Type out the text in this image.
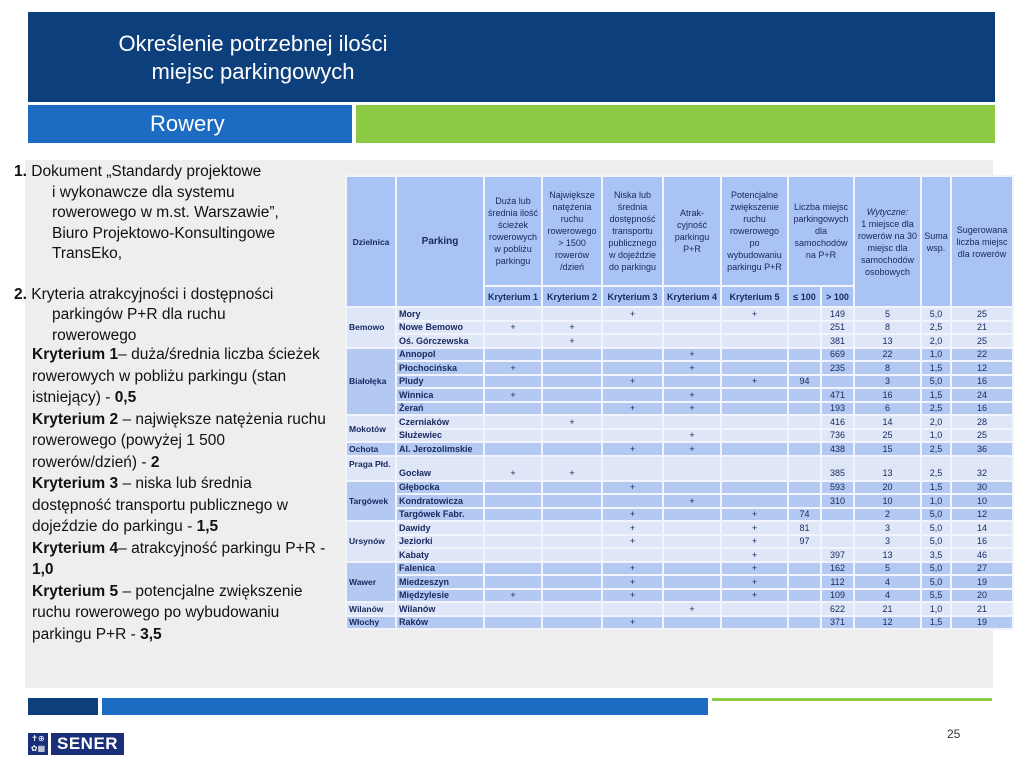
Określenie potrzebnej ilości
miejsc parkingowych
Rowery
1. Dokument „Standardy projektowe
i wykonawcze dla systemu
rowerowego w m.st. Warszawie”,
Biuro Projektowo-Konsultingowe
TransEko,
2. Kryteria atrakcyjności i dostępności
parkingów P+R dla ruchu
rowerowego
Kryterium 1– duża/średnia liczba ścieżek rowerowych w pobliżu parkingu (stan istniejący) - 0,5
Kryterium 2 – największe natężenia ruchu rowerowego (powyżej 1 500 rowerów/dzień) - 2
Kryterium 3 – niska lub średnia dostępność transportu publicznego w dojeździe do parkingu - 1,5
Kryterium 4– atrakcyjność parkingu P+R - 1,0
Kryterium 5 – potencjalne zwiększenie ruchu rowerowego po wybudowaniu parkingu P+R - 3,5
Dzielnica	Parking	Duża lub średnia ilość ścieżek rowerowych w pobliżu parkingu	Największe natężenia ruchu rowerowego > 1500 rowerów /dzień	Niska lub średnia dostępność transportu publicznego w dojeździe do parkingu	Atrak-cyjność parkingu P+R	Potencjalne zwiększenie ruchu rowerowego po wybudowaniu parkingu P+R	Liczba miejsc parkingowych dla samochodów na P+R		Wytyczne:
1 miejsce dla rowerów na 30 miejsc dla samochodów osobowych	Suma wsp.	Sugerowana liczba miejsc dla rowerów
		Kryterium 1	Kryterium 2	Kryterium 3	Kryterium 4	Kryterium 5	≤ 100	> 100			
Bemowo	Mory			+		+		149	5	5,0	25
	Nowe Bemowo	+	+					251	8	2,5	21
	Oś. Górczewska		+					381	13	2,0	25
Białołęka	Annopol				+			669	22	1,0	22
	Płochocińska	+			+			235	8	1,5	12
	Pludy			+		+	94		3	5,0	16
	Winnica	+			+			471	16	1,5	24
	Żerań			+	+			193	6	2,5	16
Mokotów	Czerniaków		+					416	14	2,0	28
	Służewiec				+			736	25	1,0	25
Ochota	Al. Jerozolimskie			+	+			438	15	2,5	36
Praga Płd.	Gocław	+	+					385	13	2,5	32
Targówek	Głębocka			+				593	20	1,5	30
	Kondratowicza				+			310	10	1,0	10
	Targówek Fabr.			+		+	74		2	5,0	12
Ursynów	Dawidy			+		+	81		3	5,0	14
	Jeziorki			+		+	97		3	5,0	16
	Kabaty					+		397	13	3,5	46
Wawer	Falenica			+		+		162	5	5,0	27
	Miedzeszyn			+		+		112	4	5,0	19
	Międzylesie	+		+		+		109	4	5,5	20
Wilanów	Wilanów				+			622	21	1,0	21
Włochy	Raków			+				371	12	1,5	19
✝⊕
✿▦ SENER	25
